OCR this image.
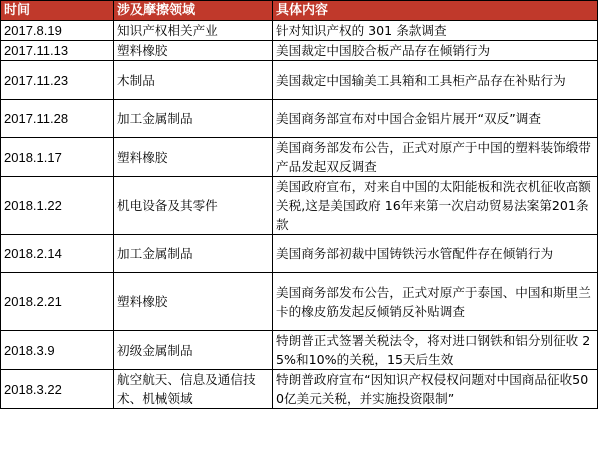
时间	涉及摩擦领域	具体内容
2017.8.19	知识产权相关产业	针对知识产权的 301 条款调查
2017.11.13	塑料橡胶	美国裁定中国胶合板产品存在倾销行为
2017.11.23	木制品	美国裁定中国输美工具箱和工具柜产品存在补贴行为
2017.11.28	加工金属制品	美国商务部宣布对中国合金铝片展开“双反”调查
2018.1.17	塑料橡胶	美国商务部发布公告，正式对原产于中国的塑料装饰缎带产品发起双反调查
2018.1.22	机电设备及其零件	美国政府宣布，对来自中国的太阳能板和洗衣机征收高额关税,这是美国政府 16年来第一次启动贸易法案第201条款
2018.2.14	加工金属制品	美国商务部初裁中国铸铁污水管配件存在倾销行为
2018.2.21	塑料橡胶	美国商务部发布公告，正式对原产于泰国、中国和斯里兰卡的橡皮筋发起反倾销反补贴调查
2018.3.9	初级金属制品	特朗普正式签署关税法令，将对进口钢铁和铝分别征收 25%和10%的关税，15天后生效
2018.3.22	航空航天、信息及通信技术、机械领域	特朗普政府宣布“因知识产权侵权问题对中国商品征收500亿美元关税，并实施投资限制”
